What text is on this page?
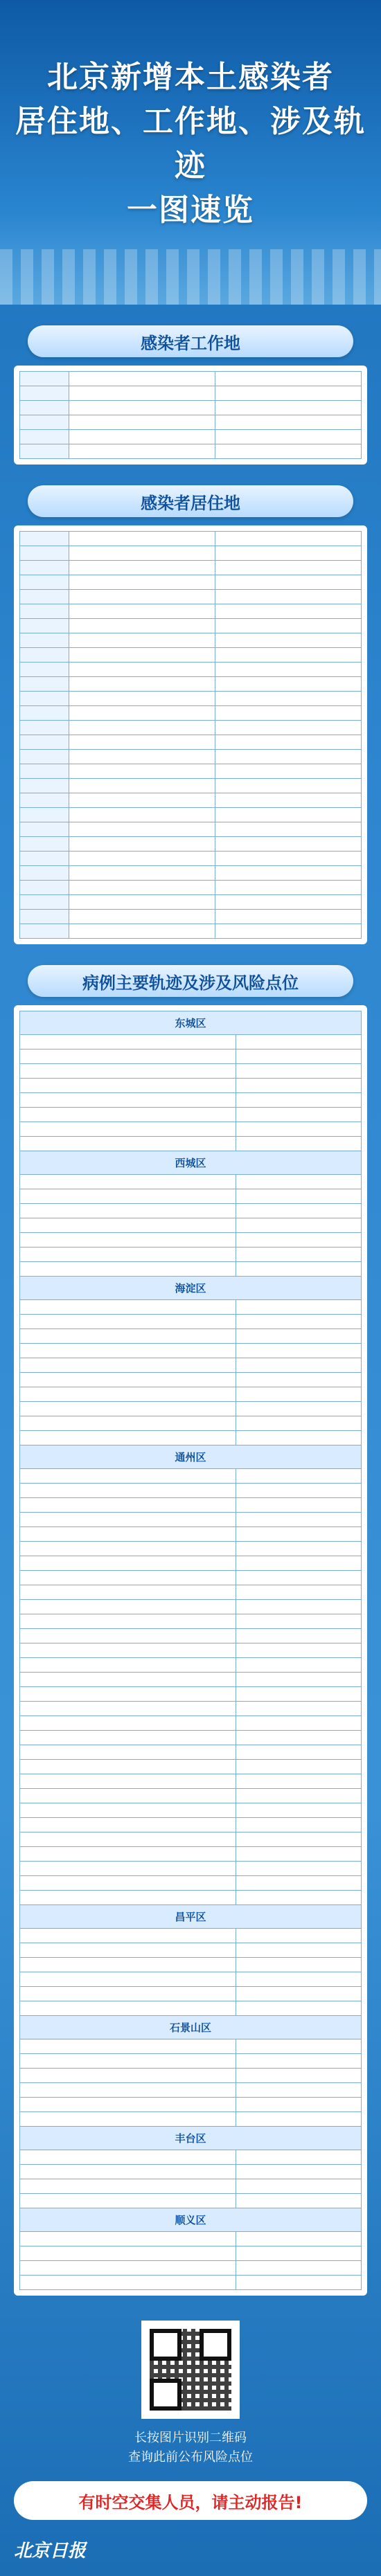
北京新增本土感染者
居住地、工作地、涉及轨迹
一图速览
感染者工作地

感染者居住地

病例主要轨迹及涉及风险点位
东城区	

西城区	

海淀区	

通州区	

昌平区	

石景山区	

丰台区	

顺义区	

长按图片识别二维码
查询此前公布风险点位
有时空交集人员，请主动报告!
北京日报
